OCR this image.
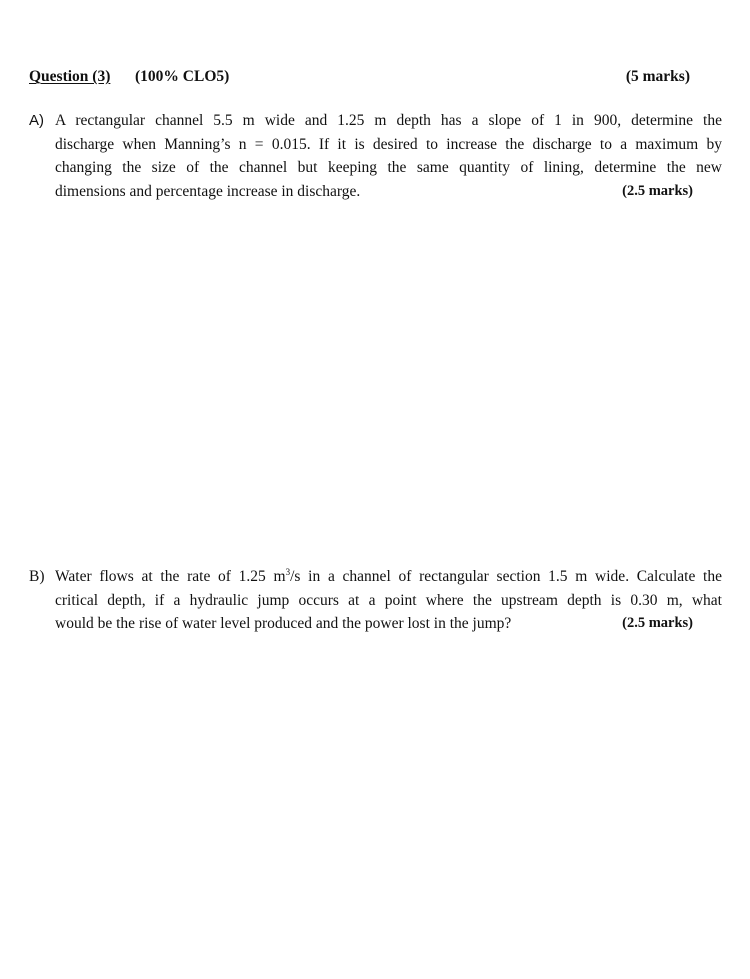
Question (3) (100% CLO5)	(5 marks)
A) A rectangular channel 5.5 m wide and 1.25 m depth has a slope of 1 in 900, determine the
discharge when Manning’s n = 0.015. If it is desired to increase the discharge to a maximum by
changing the size of the channel but keeping the same quantity of lining, determine the new
dimensions and percentage increase in discharge.	(2.5 marks)
B) Water flows at the rate of 1.25 $m^3/s$ in a channel of rectangular section 1.5 m wide. Calculate the
critical depth, if a hydraulic jump occurs at a point where the upstream depth is 0.30 m, what
would be the rise of water level produced and the power lost in the jump?	(2.5 marks)
